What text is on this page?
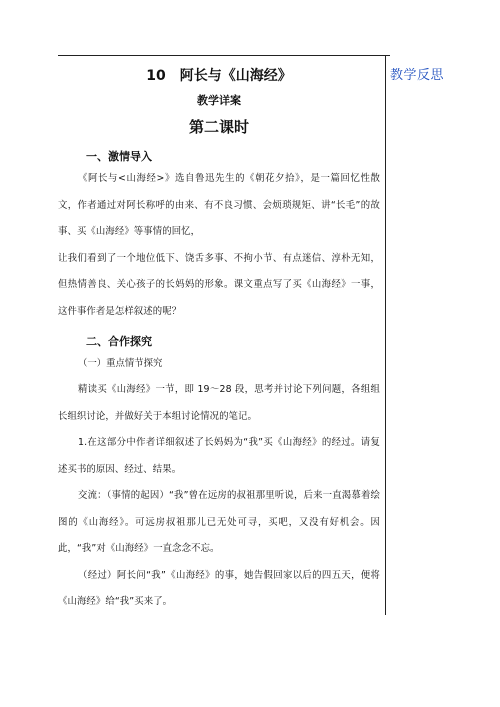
教学反思
10　阿长与《山海经》
教学详案
第二课时
一、激情导入

《阿长与<山海经>》选自鲁迅先生的《朝花夕拾》，是一篇回忆性散文，作者通过对阿长称呼的由来、有不良习惯、会烦琐规矩、讲“长毛”的故事、买《山海经》等事情的回忆，

让我们看到了一个地位低下、饶舌多事、不拘小节、有点迷信、淳朴无知，但热情善良、关心孩子的长妈妈的形象。课文重点写了买《山海经》一事，这件事作者是怎样叙述的呢？

二、合作探究
（一）重点情节探究

精读买《山海经》一节，即 19～28 段，思考并讨论下列问题，各组组长组织讨论，并做好关于本组讨论情况的笔记。

1.在这部分中作者详细叙述了长妈妈为“我”买《山海经》的经过。请复述买书的原因、经过、结果。

交流：（事情的起因）“我”曾在远房的叔祖那里听说，后来一直渴慕着绘图的《山海经》。可远房叔祖那儿已无处可寻，买吧，又没有好机会。因此，“我”对《山海经》一直念念不忘。

（经过）阿长问“我”《山海经》的事，她告假回家以后的四五天，便将《山海经》给“我”买来了。
